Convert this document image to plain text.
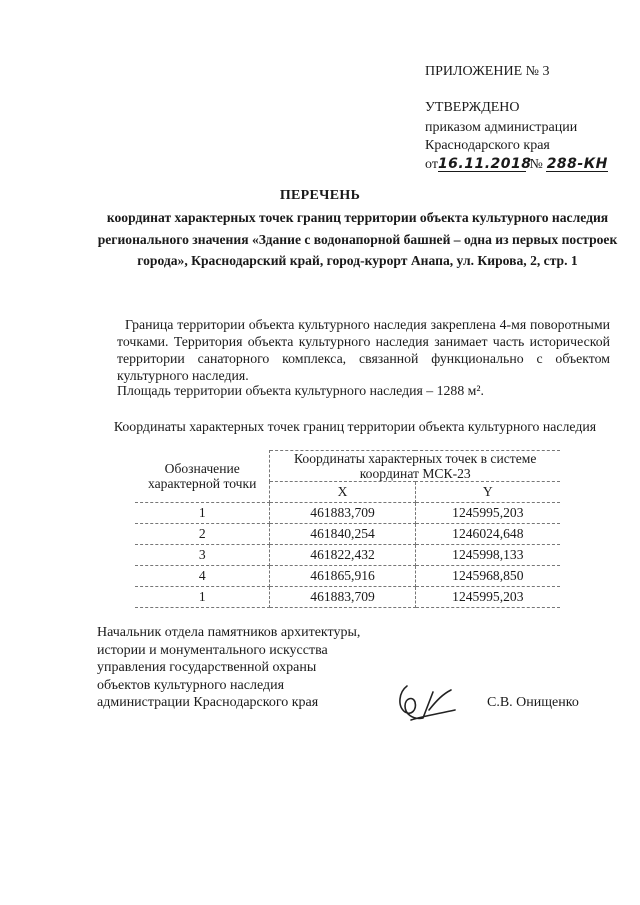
ПРИЛОЖЕНИЕ № 3
УТВЕРЖДЕНО
приказом администрации
Краснодарского края
от16.11.2018 № 288-КН
ПЕРЕЧЕНЬ
координат характерных точек границ территории объекта культурного наследия регионального значения «Здание с водонапорной башней – одна из первых построек города», Краснодарский край, город-курорт Анапа, ул. Кирова, 2, стр. 1
Граница территории объекта культурного наследия закреплена 4-мя поворотными точками. Территория объекта культурного наследия занимает часть исторической территории санаторного комплекса, связанной функционально с объектом культурного наследия.
Площадь территории объекта культурного наследия – 1288 м².
Координаты характерных точек границ территории объекта культурного наследия
Обозначение характерной точки	Координаты характерных точек в системе координат МСК-23	
	X	Y
1	461883,709	1245995,203
2	461840,254	1246024,648
3	461822,432	1245998,133
4	461865,916	1245968,850
1	461883,709	1245995,203
Начальник отдела памятников архитектуры,
истории и монументального искусства
управления государственной охраны
объектов культурного наследия
администрации Краснодарского края	С.В. Онищенко
